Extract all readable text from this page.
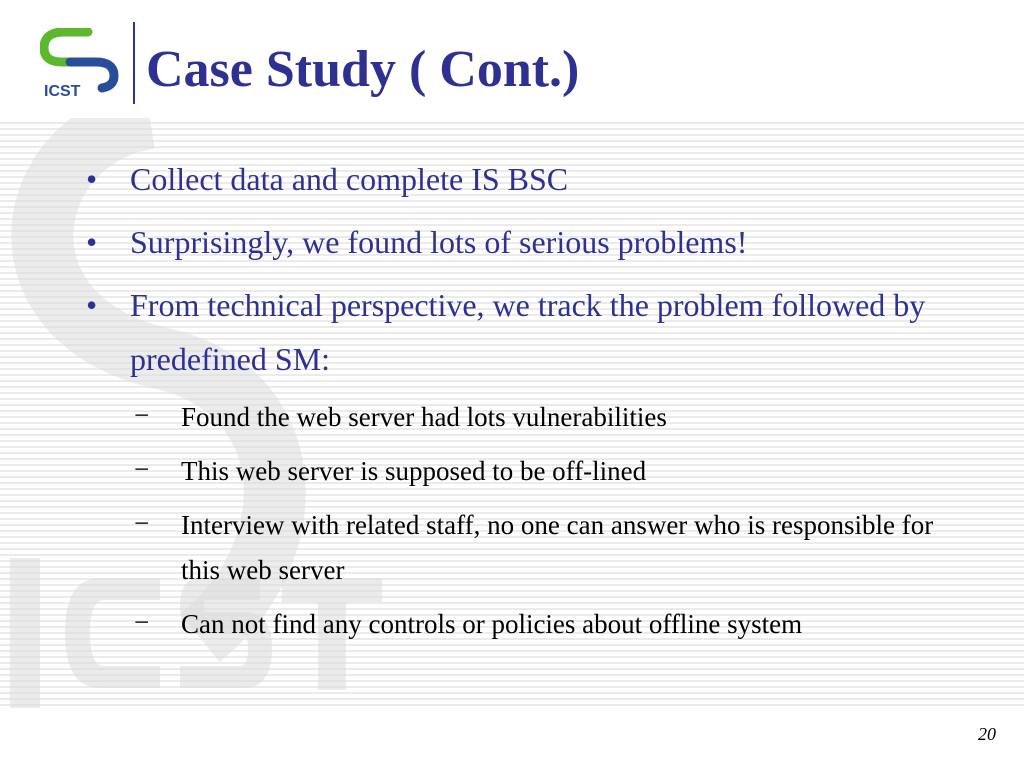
ICST Case Study ( Cont.)
•	Collect data and complete IS BSC
•	Surprisingly, we found lots of serious problems!
•	From technical perspective, we track the problem followed by predefined SM:
−	Found the web server had lots vulnerabilities
−	This web server is supposed to be off-lined
−	Interview with related staff, no one can answer who is responsible for this web server
−	Can not find any controls or policies about offline system
20
